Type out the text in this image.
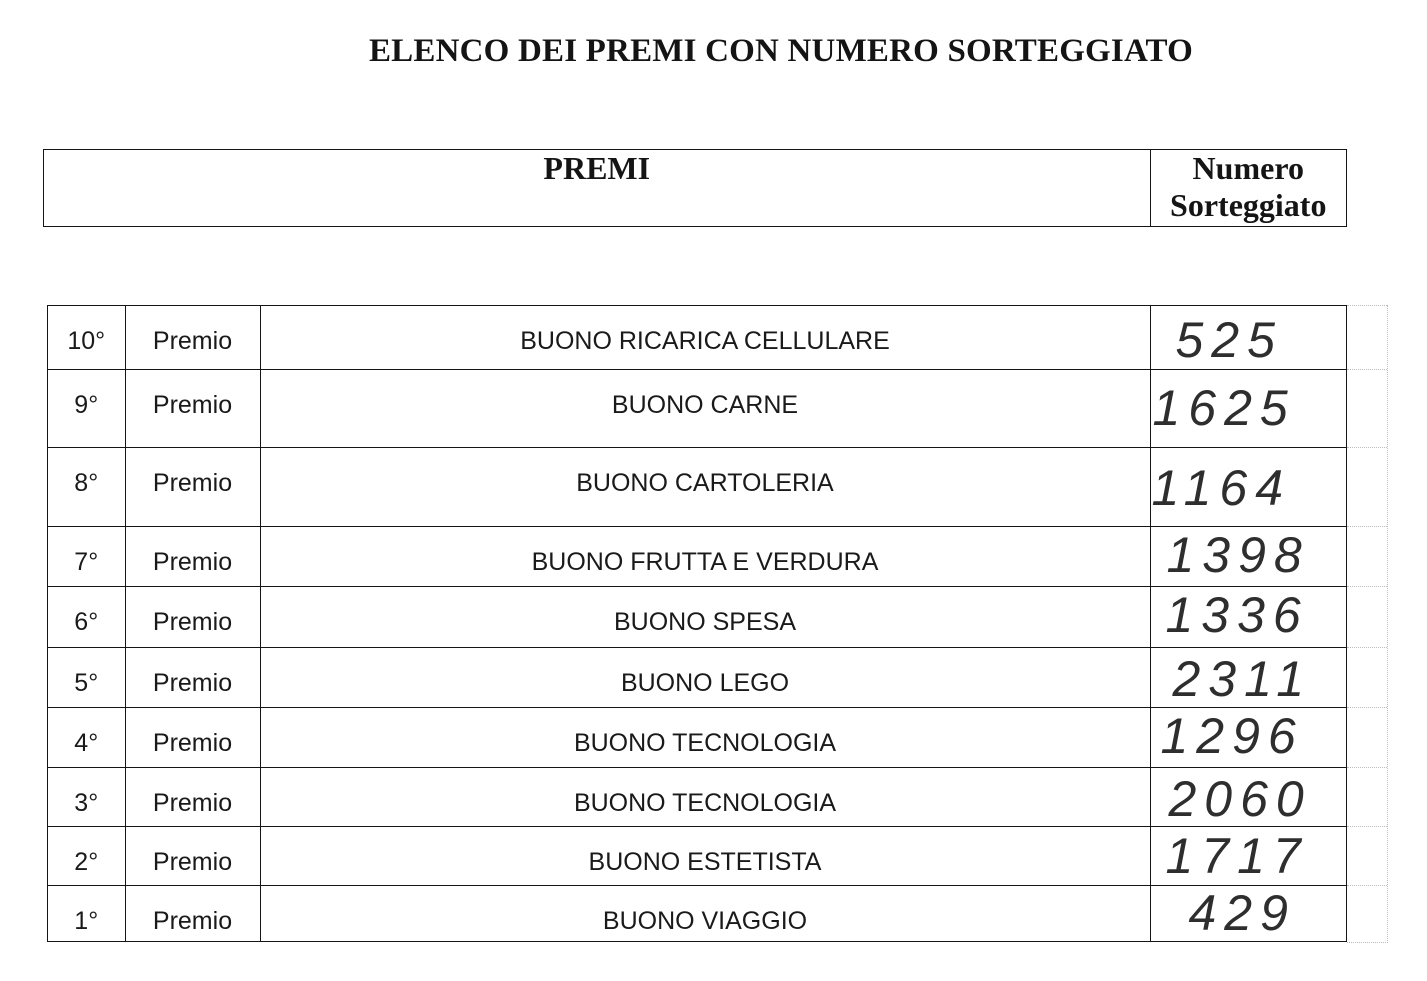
ELENCO DEI PREMI CON NUMERO SORTEGGIATO
PREMI	Numero Sorteggiato
10°	Premio	BUONO RICARICA CELLULARE	525
9°	Premio	BUONO CARNE	1625
8°	Premio	BUONO CARTOLERIA	1164
7°	Premio	BUONO FRUTTA E VERDURA	1398
6°	Premio	BUONO SPESA	1336
5°	Premio	BUONO LEGO	2311
4°	Premio	BUONO TECNOLOGIA	1296
3°	Premio	BUONO TECNOLOGIA	2060
2°	Premio	BUONO ESTETISTA	1717
1°	Premio	BUONO VIAGGIO	429
